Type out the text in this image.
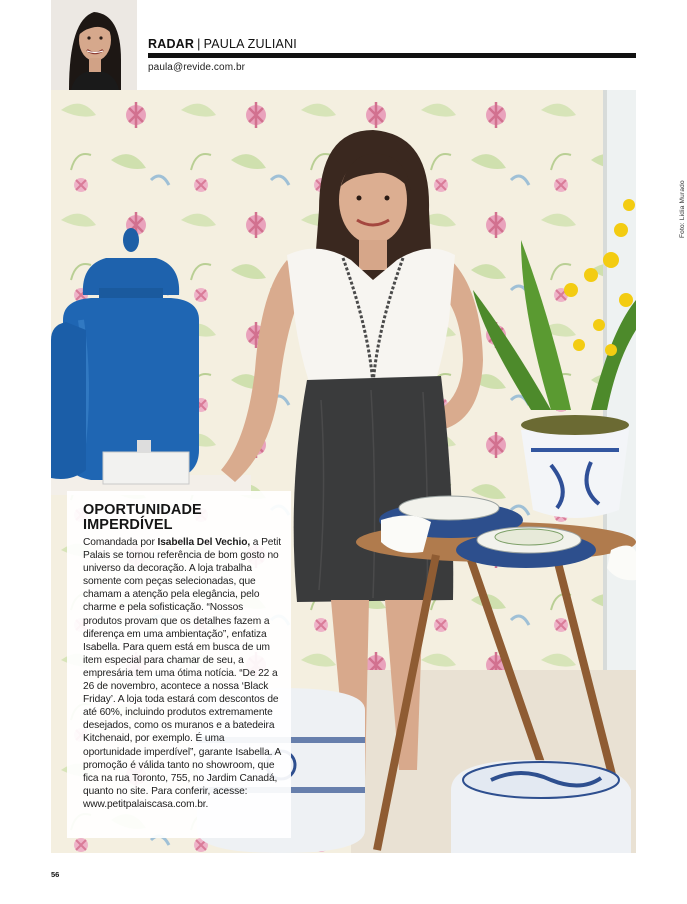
RADAR | PAULA ZULIANI
paula@revide.com.br
Foto: Lidia Murado
OPORTUNIDADE IMPERDÍVEL
Comandada por Isabella Del Vechio, a Petit Palais se tornou referência de bom gosto no universo da decoração. A loja trabalha somente com peças selecionadas, que chamam a atenção pela elegância, pelo charme e pela sofisticação. “Nossos produtos provam que os detalhes fazem a diferença em uma ambientação”, enfatiza Isabella. Para quem está em busca de um item especial para chamar de seu, a empresária tem uma ótima notícia. “De 22 a 26 de novembro, acontece a nossa ‘Black Friday’. A loja toda estará com descontos de até 60%, incluindo produtos extremamente desejados, como os muranos e a batedeira Kitchenaid, por exemplo. É uma oportunidade imperdível”, garante Isabella. A promoção é válida tanto no showroom, que fica na rua Toronto, 755, no Jardim Canadá, quanto no site. Para conferir, acesse: www.petitpalaiscasa.com.br.
56
